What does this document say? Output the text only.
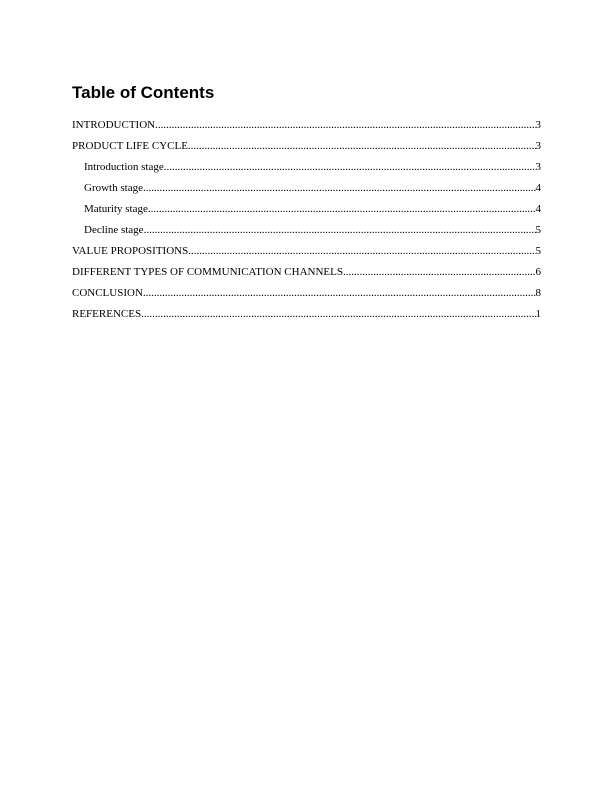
Table of Contents
INTRODUCTION .....	3
PRODUCT LIFE CYCLE .....	3
Introduction stage .....	3
Growth stage .....	4
Maturity stage .....	4
Decline stage .....	5
VALUE PROPOSITIONS .....	5
DIFFERENT TYPES OF COMMUNICATION CHANNELS .....	6
CONCLUSION .....	8
REFERENCES .....	1
